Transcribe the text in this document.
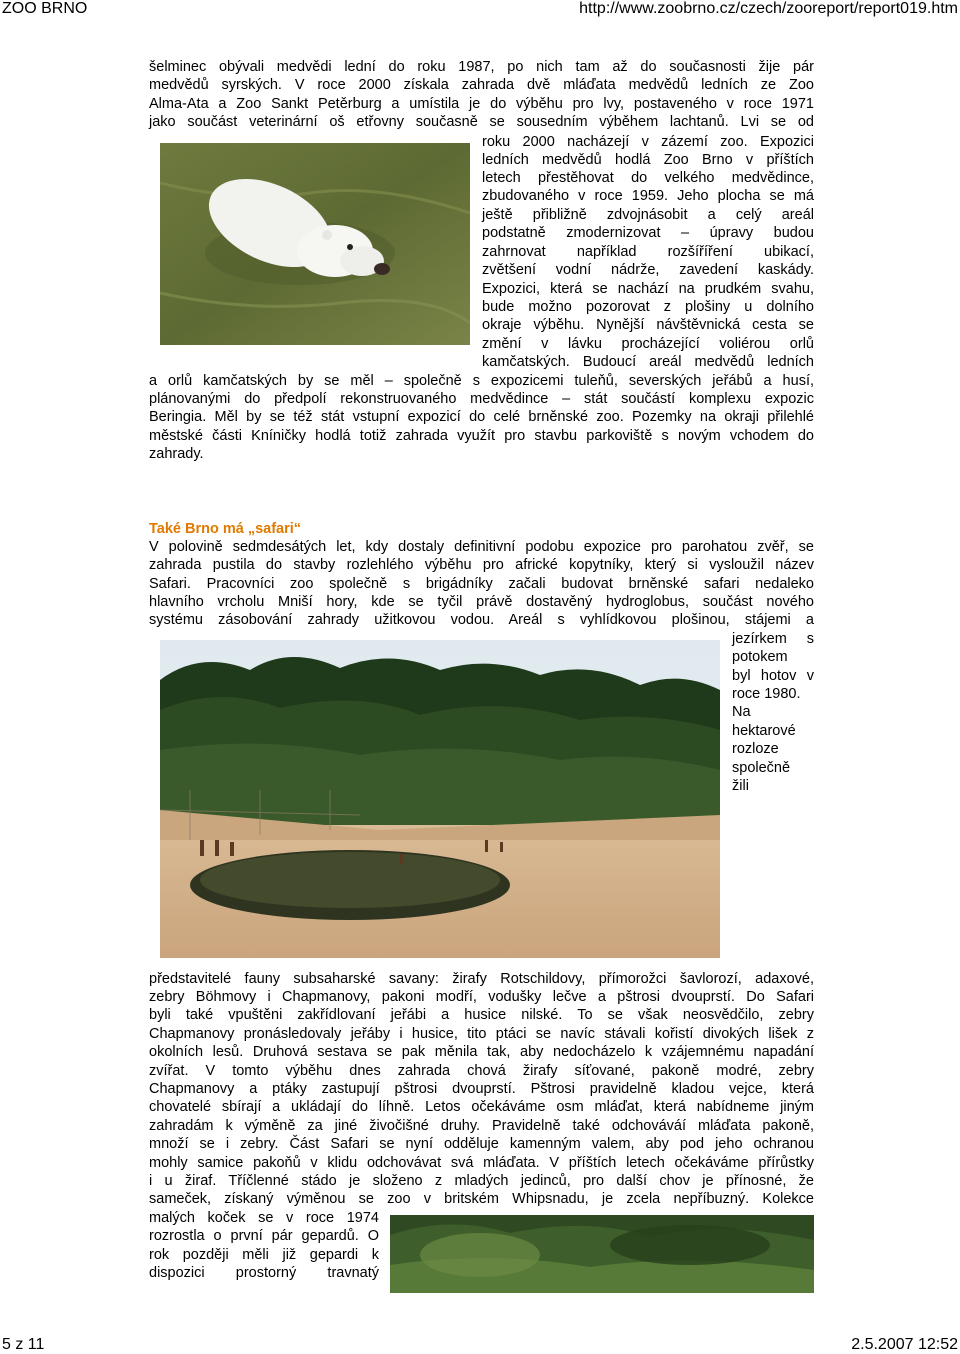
ZOO BRNO	http://www.zoobrno.cz/czech/zooreport/report019.htm
šelminec obývali medvědi lední do roku 1987, po nich tam až do současnosti žije pár
medvědů syrských. V roce 2000 získala zahrada dvě mláďata medvědů ledních ze Zoo
Alma-Ata a Zoo Sankt Petěrburg a umístila je do výběhu pro lvy, postaveného v roce 1971
jako součást veterinární oš etřovny současně se sousedním výběhem lachtanů. Lvi se od
roku 2000 nacházejí v zázemí zoo. Expozici
ledních medvědů hodlá Zoo Brno v příštích
letech přestěhovat do velkého medvědince,
zbudovaného v roce 1959. Jeho plocha se má
ještě přibližně zdvojnásobit a celý areál
podstatně zmodernizovat – úpravy budou
zahrnovat například rozšíříření ubikací,
zvětšení vodní nádrže, zavedení kaskády.
Expozici, která se nachází na prudkém svahu,
bude možno pozorovat z plošiny u dolního
okraje výběhu. Nynější návštěvnická cesta se
změní v lávku procházející voliérou orlů
kamčatských. Budoucí areál medvědů ledních
a orlů kamčatských by se měl – společně s expozicemi tuleňů, severských jeřábů a husí,
plánovanými do předpolí rekonstruovaného medvědince – stát součástí komplexu expozic
Beringia. Měl by se též stát vstupní expozicí do celé brněnské zoo. Pozemky na okraji přilehlé
městské části Kníničky hodlá totiž zahrada využít pro stavbu parkoviště s novým vchodem do
zahrady.
Také Brno má „safari“
V polovině sedmdesátých let, kdy dostaly definitivní podobu expozice pro parohatou zvěř, se
zahrada pustila do stavby rozlehlého výběhu pro africké kopytníky, který si vysloužil název
Safari. Pracovníci zoo společně s brigádníky začali budovat brněnské safari nedaleko
hlavního vrcholu Mniší hory, kde se tyčil právě dostavěný hydroglobus, součást nového
systému zásobování zahrady užitkovou vodou. Areál s vyhlídkovou plošinou, stájemi a
jezírkem s
potokem
byl hotov v
roce 1980.
Na
hektarové
rozloze
společně
žili
představitelé fauny subsaharské savany: žirafy Rotschildovy, přímorožci šavlorozí, adaxové,
zebry Böhmovy i Chapmanovy, pakoni modří, vodušky lečve a pštrosi dvouprstí. Do Safari
byli také vpuštěni zakřídlovaní jeřábi a husice nilské. To se však neosvědčilo, zebry
Chapmanovy pronásledovaly jeřáby i husice, tito ptáci se navíc stávali kořistí divokých lišek z
okolních lesů. Druhová sestava se pak měnila tak, aby nedocházelo k vzájemnému napadání
zvířat. V tomto výběhu dnes zahrada chová žirafy síťované, pakoně modré, zebry
Chapmanovy a ptáky zastupují pštrosi dvouprstí. Pštrosi pravidelně kladou vejce, která
chovatelé sbírají a ukládají do líhně. Letos očekáváme osm mláďat, která nabídneme jiným
zahradám k výměně za jiné živočišné druhy. Pravidelně také odchováváí mláďata pakoně,
množí se i zebry. Část Safari se nyní odděluje kamenným valem, aby pod jeho ochranou
mohly samice pakoňů v klidu odchovávat svá mláďata. V příštích letech očekáváme přírůstky
i u žiraf. Tříčlenné stádo je složeno z mladých jedinců, pro další chov je přínosné, že
sameček, získaný výměnou se zoo v britském Whipsnadu, je zcela nepříbuzný. Kolekce
malých koček se v roce 1974
rozrostla o první pár gepardů. O
rok později měli již gepardi k
dispozici prostorný travnatý
5 z 11	2.5.2007 12:52
